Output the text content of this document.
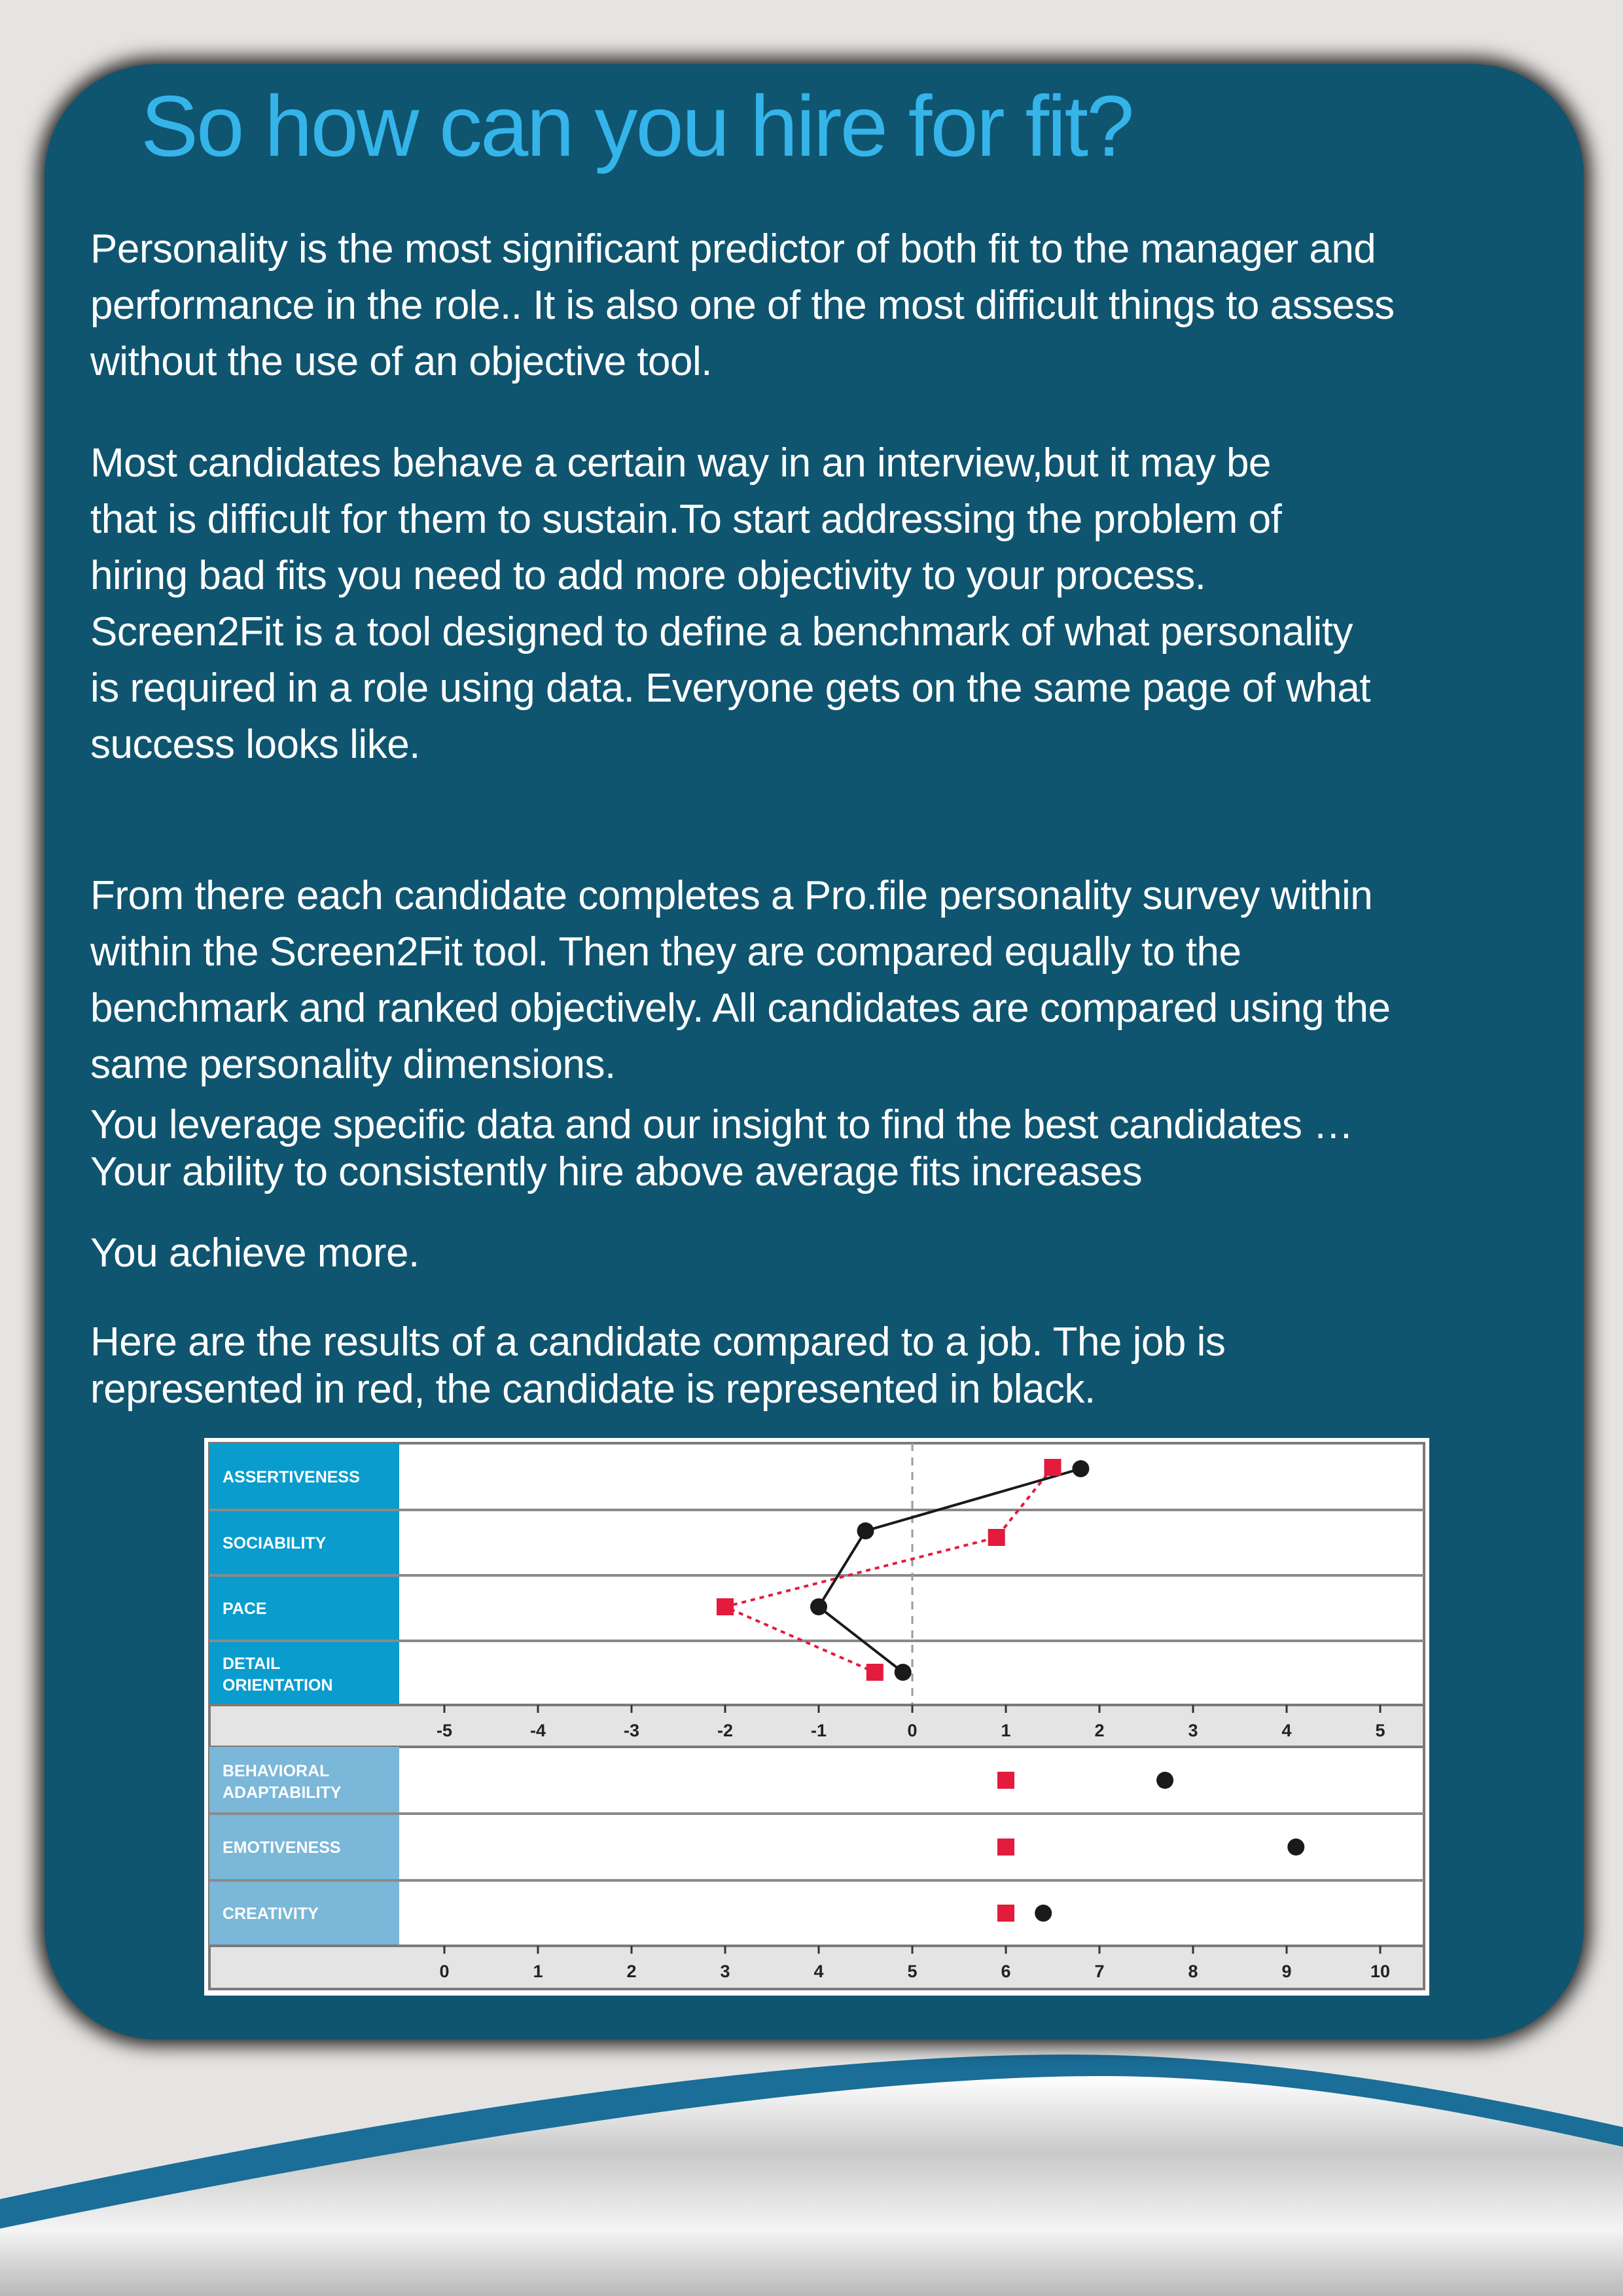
So how can you hire for fit?

Personality is the most significant predictor of both fit to the manager and
performance in the role.. It is also one of the most difficult things to assess
without the use of an objective tool.

Most candidates behave a certain way in an interview,but it may be
that is difficult for them to sustain.To start addressing the problem of
hiring bad fits you need to add more objectivity to your process.
Screen2Fit is a tool designed to define a benchmark of what personality
is required in a role using data. Everyone gets on the same page of what
success looks like.

From there each candidate completes a Pro.file personality survey within
within the Screen2Fit tool. Then they are compared equally to the
benchmark and ranked objectively. All candidates are compared using the
same personality dimensions.

You leverage specific data and our insight to find the best candidates …
Your ability to consistently hire above average fits increases

You achieve more.

Here are the results of a candidate compared to a job. The job is
represented in red, the candidate is represented in black.

ASSERTIVENESS
SOCIABILITY
PACE
DETAIL ORIENTATION
-5	-4	-3	-2	-1	0	1	2	3	4	5
BEHAVIORAL ADAPTABILITY
EMOTIVENESS
CREATIVITY
0	1	2	3	4	5	6	7	8	9	10
